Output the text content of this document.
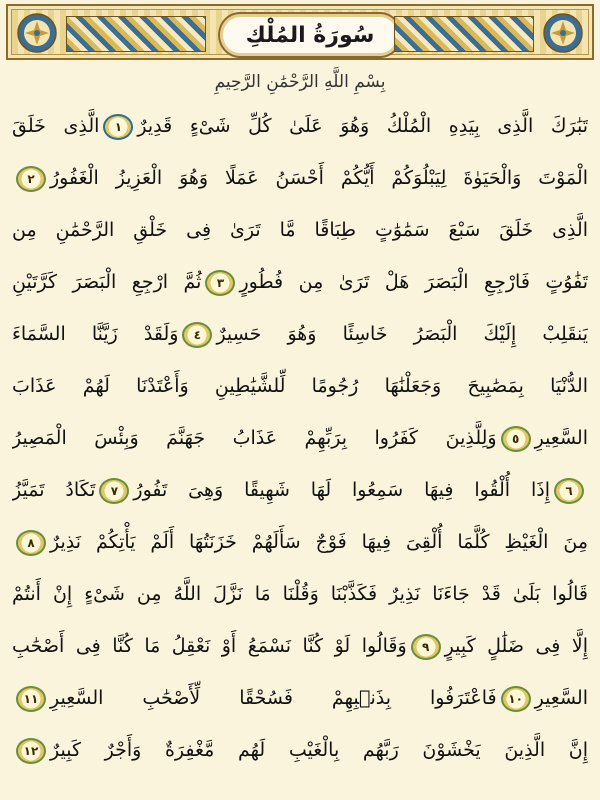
سُورَةُ المُلْكِ
بِسْمِ اللَّهِ الرَّحْمَٰنِ الرَّحِيمِ
تَبَٰرَكَ الَّذِى بِيَدِهِ الْمُلْكُ وَهُوَ عَلَىٰ كُلِّ شَىْءٍ قَدِيرٌ١الَّذِى خَلَقَ
الْمَوْتَ وَالْحَيَوٰةَ لِيَبْلُوَكُمْ أَيُّكُمْ أَحْسَنُ عَمَلًا وَهُوَ الْعَزِيزُ الْغَفُورُ٢
الَّذِى خَلَقَ سَبْعَ سَمَٰوَٰتٍ طِبَاقًا مَّا تَرَىٰ فِى خَلْقِ الرَّحْمَٰنِ مِن
تَفَٰوُتٍ فَارْجِعِ الْبَصَرَ هَلْ تَرَىٰ مِن فُطُورٍ٣ثُمَّ ارْجِعِ الْبَصَرَ كَرَّتَيْنِ
يَنقَلِبْ إِلَيْكَ الْبَصَرُ خَاسِئًا وَهُوَ حَسِيرٌ٤وَلَقَدْ زَيَّنَّا السَّمَاءَ
الدُّنْيَا بِمَصَٰبِيحَ وَجَعَلْنَٰهَا رُجُومًا لِّلشَّيَٰطِينِ وَأَعْتَدْنَا لَهُمْ عَذَابَ
السَّعِيرِ٥وَلِلَّذِينَ كَفَرُوا بِرَبِّهِمْ عَذَابُ جَهَنَّمَ وَبِئْسَ الْمَصِيرُ
٦إِذَا أُلْقُوا فِيهَا سَمِعُوا لَهَا شَهِيقًا وَهِىَ تَفُورُ٧تَكَادُ تَمَيَّزُ
مِنَ الْغَيْظِ كُلَّمَا أُلْقِىَ فِيهَا فَوْجٌ سَأَلَهُمْ خَزَنَتُهَا أَلَمْ يَأْتِكُمْ نَذِيرٌ٨
قَالُوا بَلَىٰ قَدْ جَاءَنَا نَذِيرٌ فَكَذَّبْنَا وَقُلْنَا مَا نَزَّلَ اللَّهُ مِن شَىْءٍ إِنْ أَنتُمْ
إِلَّا فِى ضَلَٰلٍ كَبِيرٍ٩وَقَالُوا لَوْ كُنَّا نَسْمَعُ أَوْ نَعْقِلُ مَا كُنَّا فِى أَصْحَٰبِ
السَّعِيرِ١٠فَاعْتَرَفُوا بِذَنۢبِهِمْ فَسُحْقًا لِّأَصْحَٰبِ السَّعِيرِ١١
إِنَّ الَّذِينَ يَخْشَوْنَ رَبَّهُم بِالْغَيْبِ لَهُم مَّغْفِرَةٌ وَأَجْرٌ كَبِيرٌ١٢
